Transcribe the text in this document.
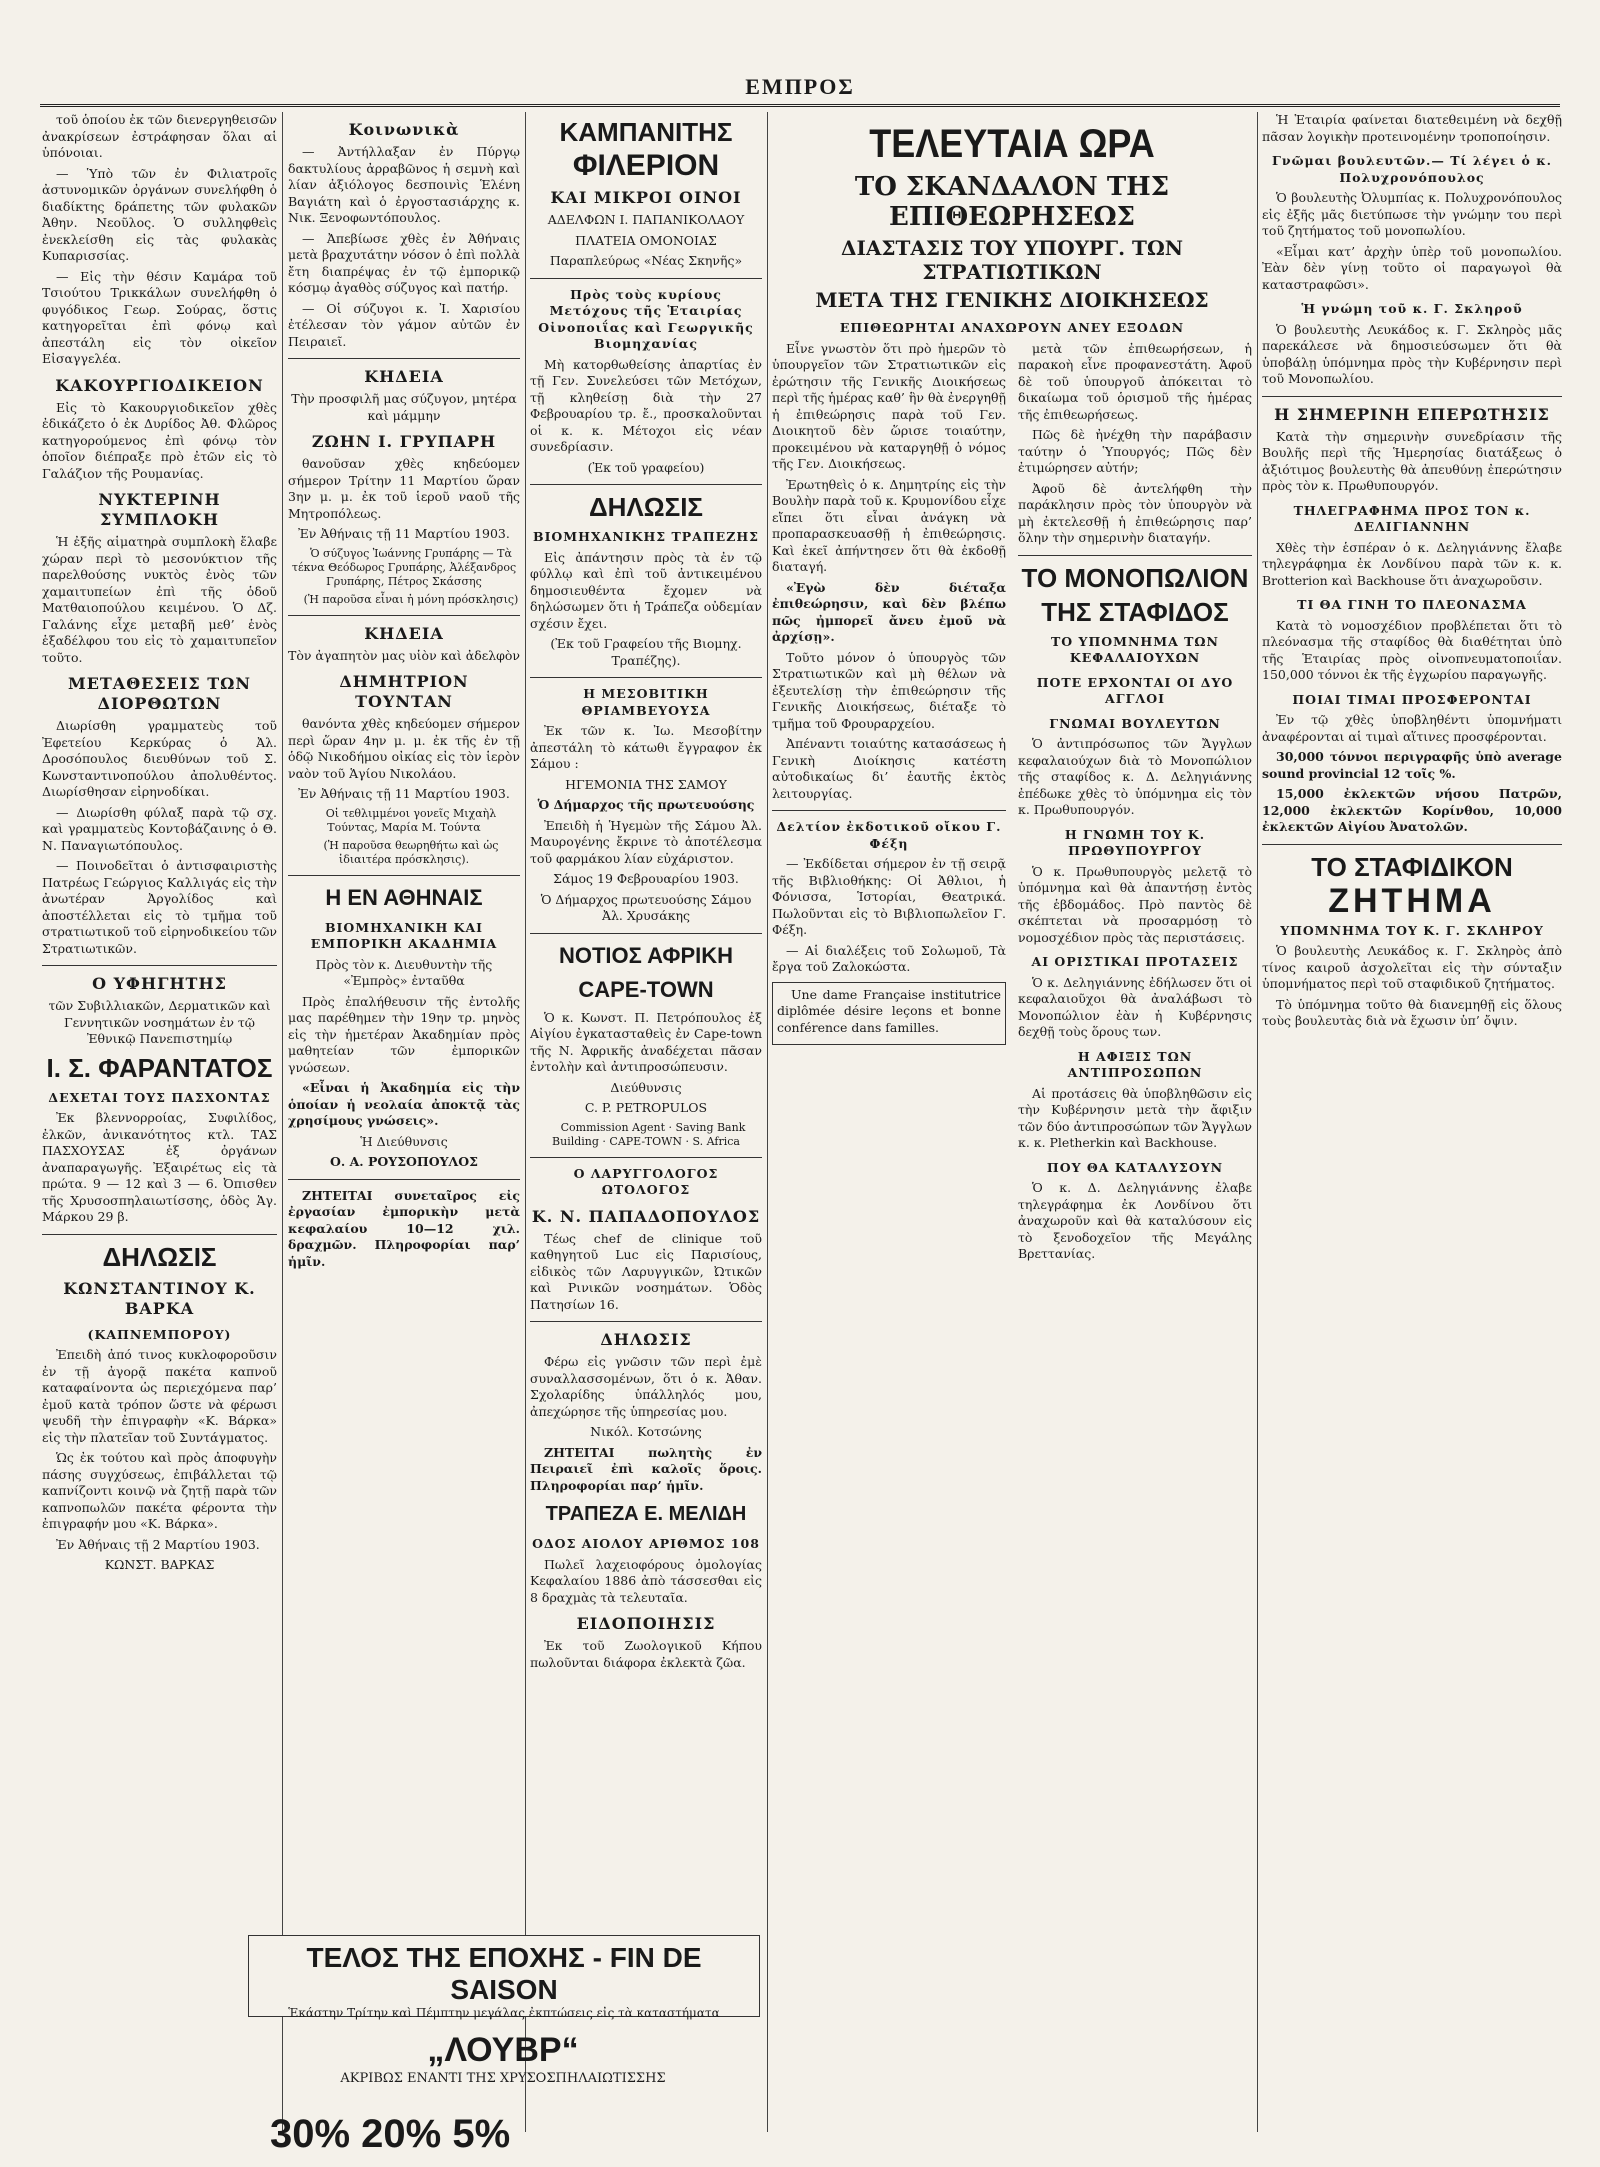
ΕΜΠΡΟΣ

τοῦ ὁποίου ἐκ τῶν διενεργηθεισῶν ἀνακρίσεων ἐστράφησαν ὅλαι αἱ ὑπόνοιαι.

— Ὑπὸ τῶν ἐν Φιλιατροῖς ἀστυνομικῶν ὀργάνων συνελήφθη ὁ διαδίκτης δράπετης τῶν φυλακῶν Ἀθην. Νεοῦλος. Ὁ συλληφθεὶς ἐνεκλείσθη εἰς τὰς φυλακὰς Κυπαρισσίας.

— Εἰς τὴν θέσιν Καμάρα τοῦ Τσιούτου Τρικκάλων συνελήφθη ὁ φυγόδικος Γεωρ. Σούρας, ὅστις κατηγορεῖται ἐπὶ φόνῳ καὶ ἀπεστάλη εἰς τὸν οἰκεῖον Εἰσαγγελέα.

ΚΑΚΟΥΡΓΙΟΔΙΚΕΙΟΝ

Εἰς τὸ Κακουργιοδικεῖον χθὲς ἐδικάζετο ὁ ἐκ Δυρίδος Ἀθ. Φλῶρος κατηγορούμενος ἐπὶ φόνῳ τὸν ὁποῖον διέπραξε πρὸ ἐτῶν εἰς τὸ Γαλάζιον τῆς Ρουμανίας.

ΝΥΚΤΕΡΙΝΗ ΣΥΜΠΛΟΚΗ

Ἡ ἐξῆς αἱματηρὰ συμπλοκὴ ἔλαβε χώραν περὶ τὸ μεσονύκτιον τῆς παρελθούσης νυκτὸς ἐνὸς τῶν χαμαιτυπείων ἐπὶ τῆς ὁδοῦ Ματθαιοπούλου κειμένου. Ὁ Δζ. Γαλάνης εἶχε μεταβῆ μεθ’ ἑνὸς ἑξαδέλφου του εἰς τὸ χαμαιτυπεῖον τοῦτο.

ΜΕΤΑΘΕΣΕΙΣ ΤΩΝ ΔΙΟΡΘΩΤΩΝ

Διωρίσθη γραμματεὺς τοῦ Ἐφετείου Κερκύρας ὁ Ἀλ. Δροσόπουλος διευθύνων τοῦ Σ. Κωνσταντινοπούλου ἀπολυθέντος. Διωρίσθησαν εἰρηνοδίκαι.

— Διωρίσθη φύλαξ παρὰ τῷ σχ. καὶ γραμματεὺς Κοντοβάζαινης ὁ Θ. Ν. Παναγιωτόπουλος.

— Ποινοδεῖται ὁ ἀντισφαιριστὴς Πατρέως Γεώργιος Καλλιγάς εἰς τὴν ἀνωτέραν Ἀργολίδος καὶ ἀποστέλλεται εἰς τὸ τμῆμα τοῦ στρατιωτικοῦ τοῦ εἰρηνοδικείου τῶν Στρατιωτικῶν.

Ο ΥΦΗΓΗΤΗΣ

τῶν Συβιλλιακῶν, Δερματικῶν καὶ Γεννητικῶν νοσημάτων ἐν τῷ Ἐθνικῷ Πανεπιστημίῳ

Ι. Σ. ΦΑΡΑΝΤΑΤΟΣ
ΔΕΧΕΤΑΙ ΤΟΥΣ ΠΑΣΧΟΝΤΑΣ

Ἐκ βλεννορροίας, Συφιλίδος, ἐλκῶν, ἀνικανότητος κτλ. ΤΑΣ ΠΑΣΧΟΥΣΑΣ ἐξ ὀργάνων ἀναπαραγωγῆς. Ἐξαιρέτως εἰς τὰ πρώτα. 9 — 12 καὶ 3 — 6. Ὀπισθεν τῆς Χρυσοσπηλαιωτίσσης, ὁδὸς Ἁγ. Μάρκου 29 β.

ΔΗΛΩΣΙΣ
ΚΩΝΣΤΑΝΤΙΝΟΥ Κ. ΒΑΡΚΑ
(ΚΑΠΝΕΜΠΟΡΟΥ)

Ἐπειδὴ ἀπό τινος κυκλοφοροῦσιν ἐν τῇ ἀγορᾷ πακέτα καπνοῦ καταφαίνοντα ὡς περιεχόμενα παρ’ ἐμοῦ κατὰ τρόπον ὥστε νὰ φέρωσι ψευδῆ τὴν ἐπιγραφὴν «Κ. Βάρκα» εἰς τὴν πλατεῖαν τοῦ Συντάγματος.

Ὡς ἐκ τούτου καὶ πρὸς ἀποφυγὴν πάσης συγχύσεως, ἐπιβάλλεται τῷ καπνίζοντι κοινῷ νὰ ζητῇ παρὰ τῶν καπνοπωλῶν πακέτα φέροντα τὴν ἐπιγραφήν μου «Κ. Βάρκα».

Ἐν Ἀθήναις τῇ 2 Μαρτίου 1903.

ΚΩΝΣΤ. ΒΑΡΚΑΣ

Κοινωνικὰ

— Ἀντήλλαξαν ἐν Πύργῳ δακτυλίους ἀρραβῶνος ἡ σεμνὴ καὶ λίαν ἀξιόλογος δεσποινὶς Ἑλένη Βαγιάτη καὶ ὁ ἐργοστασιάρχης κ. Νικ. Ξενοφωντόπουλος.

— Ἀπεβίωσε χθὲς ἐν Ἀθήναις μετὰ βραχυτάτην νόσον ὁ ἐπὶ πολλὰ ἔτη διαπρέψας ἐν τῷ ἐμπορικῷ κόσμῳ ἀγαθὸς σύζυγος καὶ πατήρ.

— Οἱ σύζυγοι κ. Ἰ. Χαρισίου ἐτέλεσαν τὸν γάμον αὐτῶν ἐν Πειραιεῖ.

ΚΗΔΕΙΑ

Τὴν προσφιλῆ μας σύζυγον, μητέρα καὶ μάμμην

ΖΩΗΝ Ι. ΓΡΥΠΑΡΗ

θανοῦσαν χθὲς κηδεύομεν σήμερον Τρίτην 11 Μαρτίου ὥραν 3ην μ. μ. ἐκ τοῦ ἱεροῦ ναοῦ τῆς Μητροπόλεως.

Ἐν Ἀθήναις τῇ 11 Μαρτίου 1903.

Ὁ σύζυγος Ἰωάννης Γρυπάρης — Τὰ τέκνα Θεόδωρος Γρυπάρης, Ἀλέξανδρος Γρυπάρης, Πέτρος Σκάσσης

(Ἡ παροῦσα εἶναι ἡ μόνη πρόσκλησις)

ΚΗΔΕΙΑ

Τὸν ἀγαπητὸν μας υἱὸν καὶ ἀδελφὸν

ΔΗΜΗΤΡΙΟΝ ΤΟΥΝΤΑΝ

θανόντα χθὲς κηδεύομεν σήμερον περὶ ὥραν 4ην μ. μ. ἐκ τῆς ἐν τῇ ὁδῷ Νικοδήμου οἰκίας εἰς τὸν ἱερὸν ναὸν τοῦ Ἁγίου Νικολάου.

Ἐν Ἀθήναις τῇ 11 Μαρτίου 1903.

Οἱ τεθλιμμένοι γονεῖς Μιχαὴλ Τούντας, Μαρία Μ. Τούντα

(Ἡ παροῦσα θεωρηθήτω καὶ ὡς ἰδιαιτέρα πρόσκλησις).

Η ΕΝ ΑΘΗΝΑΙΣ
ΒΙΟΜΗΧΑΝΙΚΗ ΚΑΙ ΕΜΠΟΡΙΚΗ ΑΚΑΔΗΜΙΑ

Πρὸς τὸν κ. Διευθυντὴν τῆς «Ἐμπρὸς» ἐνταῦθα

Πρὸς ἐπαλήθευσιν τῆς ἐντολῆς μας παρέθημεν τὴν 19ην τρ. μηνὸς εἰς τὴν ἡμετέραν Ἀκαδημίαν πρὸς μαθητείαν τῶν ἐμπορικῶν γνώσεων.

«Εἶναι ἡ Ἀκαδημία εἰς τὴν ὁποίαν ἡ νεολαία ἀποκτᾷ τὰς χρησίμους γνώσεις».

Ἡ Διεύθυνσις

Ο. Α. ΡΟΥΣΟΠΟΥΛΟΣ

ΖΗΤΕΙΤΑΙ συνεταῖρος εἰς ἐργασίαν ἐμπορικὴν μετὰ κεφαλαίου 10—12 χιλ. δραχμῶν. Πληροφορίαι παρ’ ἡμῖν.

ΚΑΜΠΑΝΙΤΗΣ
ΦΙΛΕΡΙΟΝ
ΚΑΙ ΜΙΚΡΟΙ ΟΙΝΟΙ

ΑΔΕΛΦΩΝ Ι. ΠΑΠΑΝΙΚΟΛΑΟΥ

ΠΛΑΤΕΙΑ ΟΜΟΝΟΙΑΣ

Παραπλεύρως «Νέας Σκηνῆς»

Πρὸς τοὺς κυρίους Μετόχους τῆς Ἑταιρίας Οἰνοποιΐας καὶ Γεωργικῆς Βιομηχανίας

Μὴ κατορθωθείσης ἀπαρτίας ἐν τῇ Γεν. Συνελεύσει τῶν Μετόχων, τῇ κληθείσῃ διὰ τὴν 27 Φεβρουαρίου τρ. ἔ., προσκαλοῦνται οἱ κ. κ. Μέτοχοι εἰς νέαν συνεδρίασιν.

(Ἐκ τοῦ γραφείου)

ΔΗΛΩΣΙΣ
ΒΙΟΜΗΧΑΝΙΚΗΣ ΤΡΑΠΕΖΗΣ

Εἰς ἀπάντησιν πρὸς τὰ ἐν τῷ φύλλῳ καὶ ἐπὶ τοῦ ἀντικειμένου δημοσιευθέντα ἔχομεν νὰ δηλώσωμεν ὅτι ἡ Τράπεζα οὐδεμίαν σχέσιν ἔχει.

(Ἐκ τοῦ Γραφείου τῆς Βιομηχ. Τραπέζης).

Η ΜΕΣΟΒΙΤΙΚΗ ΘΡΙΑΜΒΕΥΟΥΣΑ

Ἐκ τῶν κ. Ἰω. Μεσοβίτην ἀπεστάλη τὸ κάτωθι ἔγγραφον ἐκ Σάμου :

ΗΓΕΜΟΝΙΑ ΤΗΣ ΣΑΜΟΥ

Ὁ Δήμαρχος τῆς πρωτευούσης

Ἐπειδὴ ἡ Ἡγεμὼν τῆς Σάμου Ἀλ. Μαυρογένης ἔκρινε τὸ ἀποτέλεσμα τοῦ φαρμάκου λίαν εὐχάριστον.

Σάμος 19 Φεβρουαρίου 1903.

Ὁ Δήμαρχος πρωτευούσης Σάμου Ἀλ. Χρυσάκης

ΝΟΤΙΟΣ ΑΦΡΙΚΗ
CAPE-TOWN

Ὁ κ. Κωνστ. Π. Πετρόπουλος ἐξ Αἰγίου ἐγκατασταθεὶς ἐν Cape-town τῆς Ν. Ἀφρικῆς ἀναδέχεται πᾶσαν ἐντολὴν καὶ ἀντιπροσώπευσιν.

Διεύθυνσις

C. P. PETROPULOS

Commission Agent · Saving Bank Building · CAPE-TOWN · S. Africa

Ο ΛΑΡΥΓΓΟΛΟΓΟΣ ΩΤΟΛΟΓΟΣ
Κ. Ν. ΠΑΠΑΔΟΠΟΥΛΟΣ

Τέως chef de clinique τοῦ καθηγητοῦ Luc εἰς Παρισίους, εἰδικὸς τῶν Λαρυγγικῶν, Ὠτικῶν καὶ Ρινικῶν νοσημάτων. Ὁδὸς Πατησίων 16.

ΔΗΛΩΣΙΣ

Φέρω εἰς γνῶσιν τῶν περὶ ἐμὲ συναλλασσομένων, ὅτι ὁ κ. Ἀθαν. Σχολαρίδης ὑπάλληλός μου, ἀπεχώρησε τῆς ὑπηρεσίας μου.

Νικόλ. Κοτσώνης

ΖΗΤΕΙΤΑΙ πωλητὴς ἐν Πειραιεῖ ἐπὶ καλοῖς ὅροις. Πληροφορίαι παρ’ ἡμῖν.

ΤΡΑΠΕΖΑ Ε. ΜΕΛΙΔΗ
ΟΔΟΣ ΑΙΟΛΟΥ ΑΡΙΘΜΟΣ 108

Πωλεῖ λαχειοφόρους ὁμολογίας Κεφαλαίου 1886 ἀπὸ τάσσεσθαι εἰς 8 δραχμὰς τὰ τελευταῖα.

ΕΙΔΟΠΟΙΗΣΙΣ

Ἐκ τοῦ Ζωολογικοῦ Κήπου πωλοῦνται διάφορα ἐκλεκτὰ ζῶα.

ΤΕΛΕΥΤΑΙΑ ΩΡΑ
ΤΟ ΣΚΑΝΔΑΛΟΝ ΤΗΣ ΕΠΙΘΕΩΡΗΣΕΩΣ
ΔΙΑΣΤΑΣΙΣ ΤΟΥ ΥΠΟΥΡΓ. ΤΩΝ ΣΤΡΑΤΙΩΤΙΚΩΝ
ΜΕΤΑ ΤΗΣ ΓΕΝΙΚΗΣ ΔΙΟΙΚΗΣΕΩΣ
ΕΠΙΘΕΩΡΗΤΑΙ ΑΝΑΧΩΡΟΥΝ ΑΝΕΥ ΕΞΟΔΩΝ

Εἶνε γνωστὸν ὅτι πρὸ ἡμερῶν τὸ ὑπουργεῖον τῶν Στρατιωτικῶν εἰς ἐρώτησιν τῆς Γενικῆς Διοικήσεως περὶ τῆς ἡμέρας καθ’ ἣν θὰ ἐνεργηθῇ ἡ ἐπιθεώρησις παρὰ τοῦ Γεν. Διοικητοῦ δὲν ὥρισε τοιαύτην, προκειμένου νὰ καταργηθῇ ὁ νόμος τῆς Γεν. Διοικήσεως.

Ἐρωτηθεὶς ὁ κ. Δημητρίης εἰς τὴν Βουλὴν παρὰ τοῦ κ. Κρυμονίδου εἶχε εἴπει ὅτι εἶναι ἀνάγκη νὰ προπαρασκευασθῇ ἡ ἐπιθεώρησις. Καὶ ἐκεῖ ἀπήντησεν ὅτι θὰ ἐκδοθῇ διαταγή.

«Ἐγὼ δὲν διέταξα ἐπιθεώρησιν, καὶ δὲν βλέπω πῶς ἠμπορεῖ ἄνευ ἐμοῦ νὰ ἀρχίσῃ».

Τοῦτο μόνον ὁ ὑπουργὸς τῶν Στρατιωτικῶν καὶ μὴ θέλων νὰ ἐξευτελίσῃ τὴν ἐπιθεώρησιν τῆς Γενικῆς Διοικήσεως, διέταξε τὸ τμῆμα τοῦ Φρουραρχείου.

Ἀπέναντι τοιαύτης κατασάσεως ἡ Γενικὴ Διοίκησις κατέστη αὐτοδικαίως δι’ ἑαυτῆς ἐκτὸς λειτουργίας.

Δελτίον ἐκδοτικοῦ οἴκου Γ. Φέξη

— Ἐκδίδεται σήμερον ἐν τῇ σειρᾷ τῆς Βιβλιοθήκης: Οἱ Ἀθλιοι, ἡ Φόνισσα, Ἱστορίαι, Θεατρικά. Πωλοῦνται εἰς τὸ Βιβλιοπωλεῖον Γ. Φέξη.

— Αἱ διαλέξεις τοῦ Σολωμοῦ, Τὰ ἔργα τοῦ Ζαλοκώστα.

Une dame Française institutrice diplômée désire leçons et bonne conférence dans familles.

μετὰ τῶν ἐπιθεωρήσεων, ἡ παρακοὴ εἶνε προφανεστάτη. Ἀφοῦ δὲ τοῦ ὑπουργοῦ ἀπόκειται τὸ δικαίωμα τοῦ ὁρισμοῦ τῆς ἡμέρας τῆς ἐπιθεωρήσεως.

Πῶς δὲ ἠνέχθη τὴν παράβασιν ταύτην ὁ Ὑπουργός; Πῶς δὲν ἐτιμώρησεν αὐτήν;

Ἀφοῦ δὲ ἀντελήφθη τὴν παράκλησιν πρὸς τὸν ὑπουργὸν νὰ μὴ ἐκτελεσθῇ ἡ ἐπιθεώρησις παρ’ ὅλην τὴν σημερινὴν διαταγήν.

ΤΟ ΜΟΝΟΠΩΛΙΟΝ
ΤΗΣ ΣΤΑΦΙΔΟΣ
ΤΟ ΥΠΟΜΝΗΜΑ ΤΩΝ ΚΕΦΑΛΑΙΟΥΧΩΝ
ΠΟΤΕ ΕΡΧΟΝΤΑΙ ΟΙ ΔΥΟ ΑΓΓΛΟΙ
ΓΝΩΜΑΙ ΒΟΥΛΕΥΤΩΝ

Ὁ ἀντιπρόσωπος τῶν Ἄγγλων κεφαλαιούχων διὰ τὸ Μονοπώλιον τῆς σταφίδος κ. Δ. Δεληγιάννης ἐπέδωκε χθὲς τὸ ὑπόμνημα εἰς τὸν κ. Πρωθυπουργόν.

Η ΓΝΩΜΗ ΤΟΥ Κ. ΠΡΩΘΥΠΟΥΡΓΟΥ

Ὁ κ. Πρωθυπουργὸς μελετᾷ τὸ ὑπόμνημα καὶ θὰ ἀπαντήσῃ ἐντὸς τῆς ἑβδομάδος. Πρὸ παντὸς δὲ σκέπτεται νὰ προσαρμόσῃ τὸ νομοσχέδιον πρὸς τὰς περιστάσεις.

ΑΙ ΟΡΙΣΤΙΚΑΙ ΠΡΟΤΑΣΕΙΣ

Ὁ κ. Δεληγιάννης ἐδήλωσεν ὅτι οἱ κεφαλαιοῦχοι θὰ ἀναλάβωσι τὸ Μονοπώλιον ἐὰν ἡ Κυβέρνησις δεχθῇ τοὺς ὅρους των.

Η ΑΦΙΞΙΣ ΤΩΝ ΑΝΤΙΠΡΟΣΩΠΩΝ

Αἱ προτάσεις θὰ ὑποβληθῶσιν εἰς τὴν Κυβέρνησιν μετὰ τὴν ἄφιξιν τῶν δύο ἀντιπροσώπων τῶν Ἄγγλων κ. κ. Pletherkin καὶ Backhouse.

ΠΟΥ ΘΑ ΚΑΤΑΛΥΣΟΥΝ

Ὁ κ. Δ. Δεληγιάννης ἐλαβε τηλεγράφημα ἐκ Λονδίνου ὅτι ἀναχωροῦν καὶ θὰ καταλύσουν εἰς τὸ ξενοδοχεῖον τῆς Μεγάλης Βρεττανίας.

Ἡ Ἑταιρία φαίνεται διατεθειμένη νὰ δεχθῇ πᾶσαν λογικὴν προτεινομένην τροποποίησιν.

Γνῶμαι βουλευτῶν.— Τί λέγει ὁ κ. Πολυχρονόπουλος

Ὁ βουλευτὴς Ὀλυμπίας κ. Πολυχρονόπουλος εἰς ἐξῆς μᾶς διετύπωσε τὴν γνώμην του περὶ τοῦ ζητήματος τοῦ μονοπωλίου.

«Εἶμαι κατ’ ἀρχὴν ὑπὲρ τοῦ μονοπωλίου. Ἐὰν δὲν γίνῃ τοῦτο οἱ παραγωγοὶ θὰ καταστραφῶσι».

Ἡ γνώμη τοῦ κ. Γ. Σκληροῦ

Ὁ βουλευτὴς Λευκάδος κ. Γ. Σκληρὸς μᾶς παρεκάλεσε νὰ δημοσιεύσωμεν ὅτι θὰ ὑποβάλῃ ὑπόμνημα πρὸς τὴν Κυβέρνησιν περὶ τοῦ Μονοπωλίου.

Η ΣΗΜΕΡΙΝΗ ΕΠΕΡΩΤΗΣΙΣ

Κατὰ τὴν σημερινὴν συνεδρίασιν τῆς Βουλῆς περὶ τῆς Ἡμερησίας διατάξεως ὁ ἀξιότιμος βουλευτὴς θὰ ἀπευθύνῃ ἐπερώτησιν πρὸς τὸν κ. Πρωθυπουργόν.

ΤΗΛΕΓΡΑΦΗΜΑ ΠΡΟΣ ΤΟΝ κ. ΔΕΛΙΓΙΑΝΝΗΝ

Χθὲς τὴν ἑσπέραν ὁ κ. Δεληγιάννης ἔλαβε τηλεγράφημα ἐκ Λονδίνου παρὰ τῶν κ. κ. Brotterion καὶ Backhouse ὅτι ἀναχωροῦσιν.

ΤΙ ΘΑ ΓΙΝΗ ΤΟ ΠΛΕΟΝΑΣΜΑ

Κατὰ τὸ νομοσχέδιον προβλέπεται ὅτι τὸ πλεόνασμα τῆς σταφίδος θὰ διαθέτηται ὑπὸ τῆς Ἑταιρίας πρὸς οἰνοπνευματοποιΐαν. 150,000 τόννοι ἐκ τῆς ἐγχωρίου παραγωγῆς.

ΠΟΙΑΙ ΤΙΜΑΙ ΠΡΟΣΦΕΡΟΝΤΑΙ

Ἐν τῷ χθὲς ὑποβληθέντι ὑπομνήματι ἀναφέρονται αἱ τιμαὶ αἵτινες προσφέρονται.

30,000 τόννοι περιγραφῆς ὑπὸ average sound provincial 12 τοῖς %.

15,000 ἐκλεκτῶν νήσου Πατρῶν, 12,000 ἐκλεκτῶν Κορίνθου, 10,000 ἐκλεκτῶν Αἰγίου Ἀνατολῶν.

ΤΟ ΣΤΑΦΙΔΙΚΟΝ
ΖΗΤΗΜΑ
ΥΠΟΜΝΗΜΑ ΤΟΥ Κ. Γ. ΣΚΛΗΡΟΥ

Ὁ βουλευτὴς Λευκάδος κ. Γ. Σκληρὸς ἀπὸ τίνος καιροῦ ἀσχολεῖται εἰς τὴν σύνταξιν ὑπομνήματος περὶ τοῦ σταφιδικοῦ ζητήματος.

Τὸ ὑπόμνημα τοῦτο θὰ διανεμηθῇ εἰς ὅλους τοὺς βουλευτὰς διὰ νὰ ἔχωσιν ὑπ’ ὄψιν.

ΤΕΛΟΣ ΤΗΣ ΕΠΟΧΗΣ - FIN DE SAISON
Ἑκάστην Τρίτην καὶ Πέμπτην μεγάλας ἐκπτώσεις εἰς τὰ καταστήματα
„ΛΟΥΒΡ“
ΑΚΡΙΒΩΣ ΕΝΑΝΤΙ ΤΗΣ ΧΡΥΣΟΣΠΗΛΑΙΩΤΙΣΣΗΣ
30% 20% 5%
